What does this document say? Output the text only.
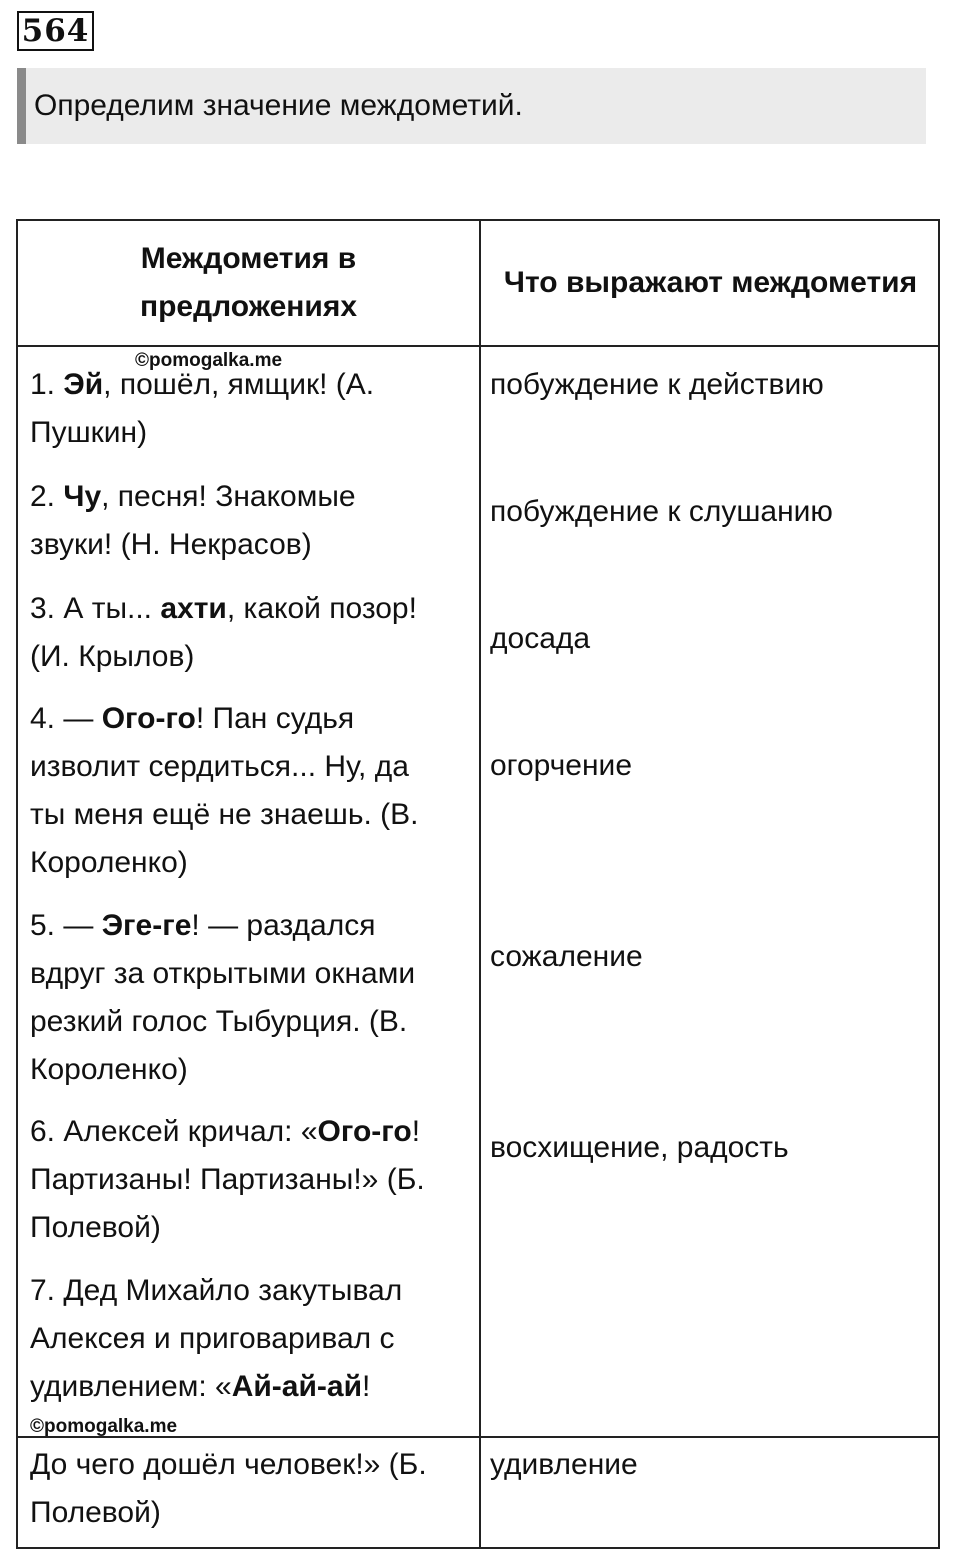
564
Определим значение междометий.
Междометия в
предложениях
Что выражают междометия
1. Эй, пошёл, ямщик! (А.
Пушкин)
побуждение к действию
2. Чу, песня! Знакомые
звуки! (Н. Некрасов)
побуждение к слушанию
3. А ты... ахти, какой позор!
(И. Крылов)
досада
4. — Ого-го! Пан судья
изволит сердиться... Ну, да
ты меня ещё не знаешь. (В.
Короленко)
огорчение
5. — Эге-ге! — раздался
вдруг за открытыми окнами
резкий голос Тыбурция. (В.
Короленко)
сожаление
6. Алексей кричал: «Ого-го!
Партизаны! Партизаны!» (Б.
Полевой)
восхищение, радость
7. Дед Михайло закутывал
Алексея и приговаривал с
удивлением: «Ай-ай-ай!
До чего дошёл человек!» (Б.
Полевой)
удивление
©pomogalka.me
©pomogalka.me
